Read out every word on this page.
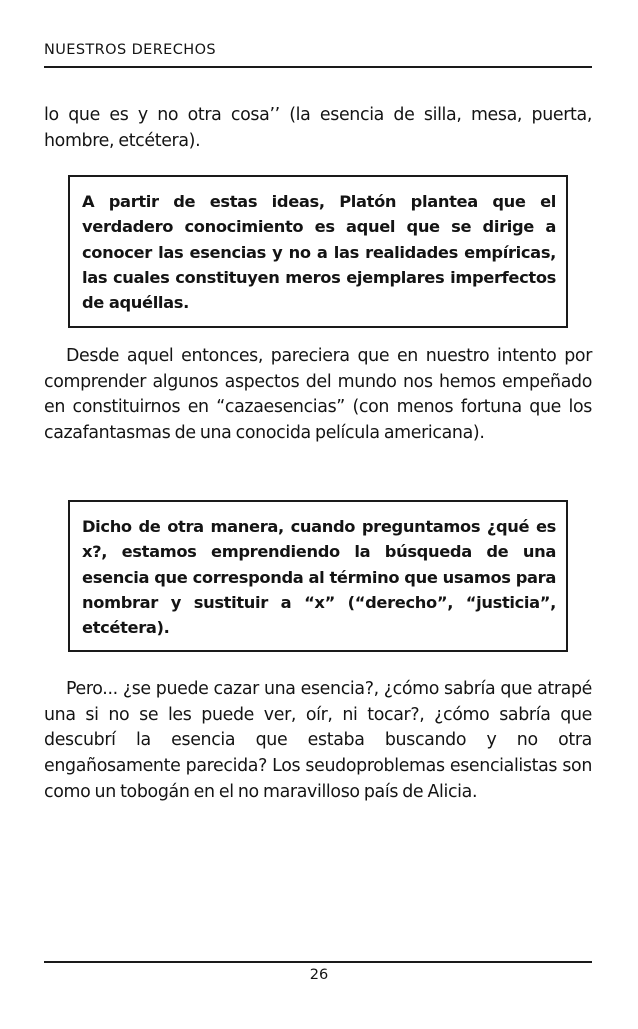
NUESTROS DERECHOS

lo que es y no otra cosa’’ (la esencia de silla, mesa, puerta, hombre, etcétera).

A partir de estas ideas, Platón plantea que el verdadero conocimiento es aquel que se dirige a conocer las esencias y no a las realidades empíricas, las cuales constituyen meros ejemplares imperfectos de aquéllas.

Desde aquel entonces, pareciera que en nuestro intento por comprender algunos aspectos del mundo nos hemos empeñado en constituirnos en “cazaesencias” (con menos fortuna que los cazafantasmas de una conocida película americana).

Dicho de otra manera, cuando preguntamos ¿qué es x?, estamos emprendiendo la búsqueda de una esencia que corresponda al término que usamos para nombrar y sustituir a “x” (“derecho”, “justicia”, etcétera).

Pero... ¿se puede cazar una esencia?, ¿cómo sabría que atrapé una si no se les puede ver, oír, ni tocar?, ¿cómo sabría que descubrí la esencia que estaba buscando y no otra engañosamente parecida? Los seudoproblemas esencialistas son como un tobogán en el no maravilloso país de Alicia.

26
